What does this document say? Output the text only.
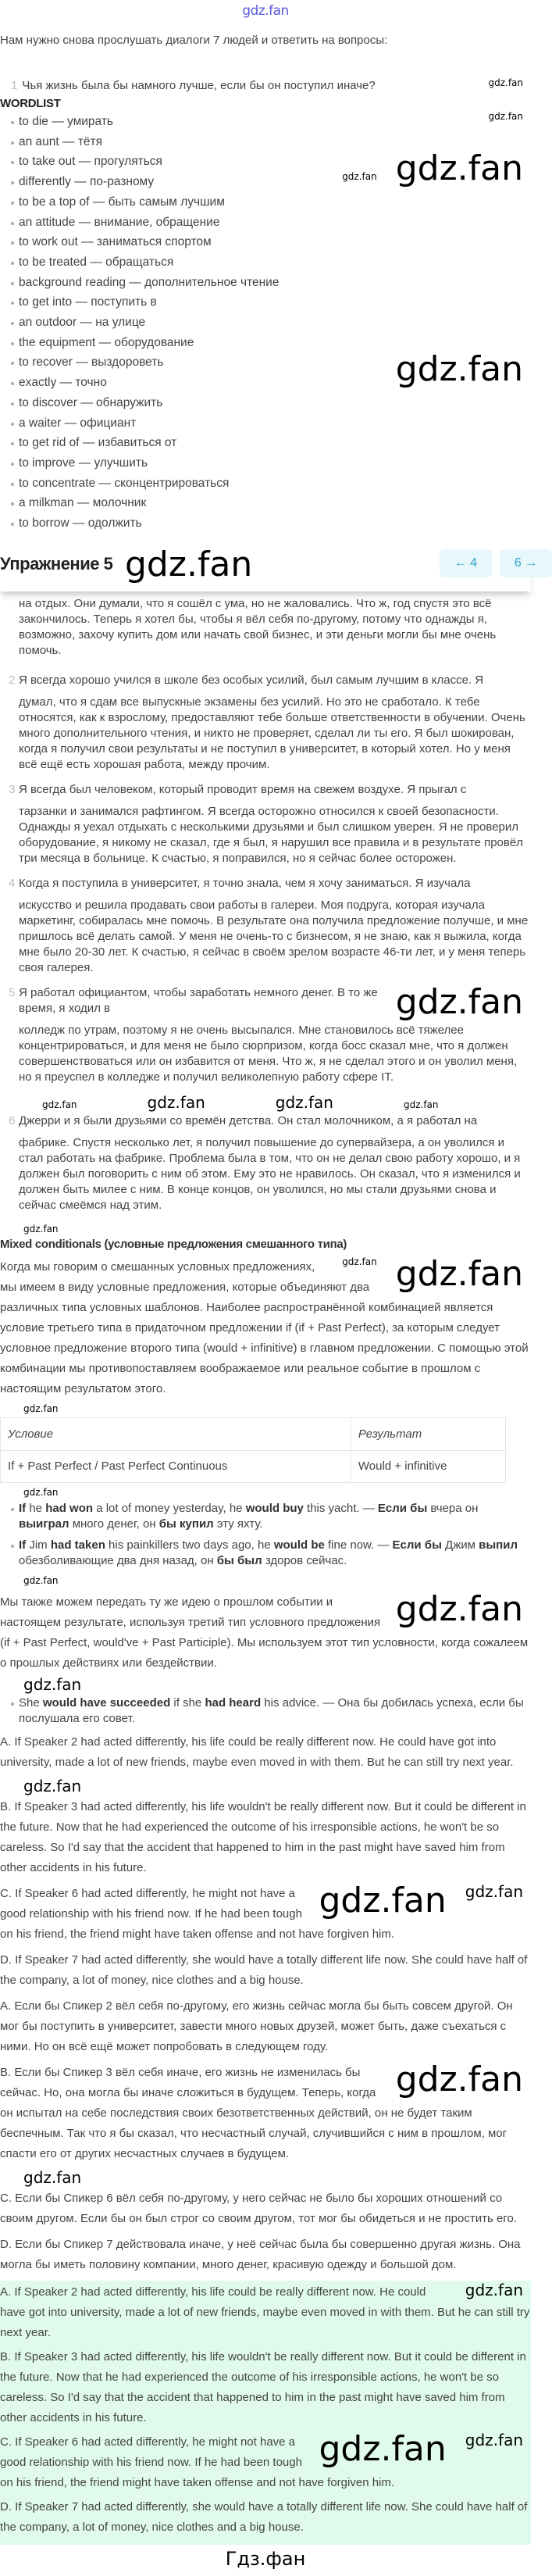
gdz.fan
Нам нужно снова прослушать диалоги 7 людей и ответить на вопросы:
gdz.fan
1 Чья жизнь была бы намного лучше, если бы он поступил иначе?
WORDLIST
gdz.fan
to die — умирать
an aunt — тётя
gdz.fan
to take out — прогуляться
gdz.fan
differently — по-разному
to be a top of — быть самым лучшим
an attitude — внимание, обращение
to work out — заниматься спортом
to be treated — обращаться
background reading — дополнительное чтение
to get into — поступить в
an outdoor — на улице
the equipment — оборудование
gdz.fan
to recover — выздороветь
exactly — точно
to discover — обнаружить
a waiter — официант
to get rid of — избавиться от
to improve — улучшить
to concentrate — сконцентрироваться
a milkman — молочник
to borrow — одолжить
Упражнение 5	← 4	6 →
gdz.fan

на отдых. Они думали, что я сошёл с ума, но не жаловались. Что ж, год спустя это всё закончилось. Теперь я хотел бы, чтобы я вёл себя по-другому, потому что однажды я, возможно, захочу купить дом или начать свой бизнес, и эти деньги могли бы мне очень помочь.

2 Я всегда хорошо учился в школе без особых усилий, был самым лучшим в классе. Я
думал, что я сдам все выпускные экзамены без усилий. Но это не сработало. К тебе относятся, как к взрослому, предоставляют тебе больше ответственности в обучении. Очень много дополнительного чтения, и никто не проверяет, сделал ли ты его. Я был шокирован, когда я получил свои результаты и не поступил в университет, в который хотел. Но у меня всё ещё есть хорошая работа, между прочим.
3 Я всегда был человеком, который проводит время на свежем воздухе. Я прыгал с
тарзанки и занимался рафтингом. Я всегда осторожно относился к своей безопасности. Однажды я уехал отдыхать с несколькими друзьями и был слишком уверен. Я не проверил оборудование, я никому не сказал, где я был, я нарушил все правила и в результате провёл три месяца в больнице. К счастью, я поправился, но я сейчас более осторожен.
4 Когда я поступила в университет, я точно знала, чем я хочу заниматься. Я изучала
искусство и решила продавать свои работы в галереи. Моя подруга, которая изучала маркетинг, собиралась мне помочь. В результате она получила предложение получше, и мне пришлось всё делать самой. У меня не очень-то с бизнесом, я не знаю, как я выжила, когда мне было 20-30 лет. К счастью, я сейчас в своём зрелом возрасте 46-ти лет, и у меня теперь своя галерея.
gdz.fan
5 Я работал официантом, чтобы заработать немного денег. В то же время, я ходил в
колледж по утрам, поэтому я не очень высыпался. Мне становилось всё тяжелее концентрироваться, и для меня не было сюрпризом, когда босс сказал мне, что я должен совершенствоваться или он избавится от меня. Что ж, я не сделал этого и он уволил меня, но я преуспел в колледже и получил великолепную работу сфере IT.
gdz.fan	gdz.fan	gdz.fan	gdz.fan
6 Джерри и я были друзьями со времён детства. Он стал молочником, а я работал на
фабрике. Спустя несколько лет, я получил повышение до супервайзера, а он уволился и стал работать на фабрике. Проблема была в том, что он не делал свою работу хорошо, и я должен был поговорить с ним об этом. Ему это не нравилось. Он сказал, что я изменился и должен быть милее с ним. В конце концов, он уволился, но мы стали друзьями снова и сейчас смеёмся над этим.
gdz.fan
Mixed conditionals (условные предложения смешанного типа)
gdz.fan
gdz.fan
Когда мы говорим о смешанных условных предложениях, мы имеем в виду условные предложения, которые объединяют два различных типа условных шаблонов. Наиболее распространённой комбинацией является условие третьего типа в придаточном предложении if (if + Past Perfect), за которым следует условное предложение второго типа (would + infinitive) в главном предложении. С помощью этой комбинации мы противопоставляем воображаемое или реальное событие в прошлом с настоящим результатом этого.
gdz.fan
Условие	Результат
If + Past Perfect / Past Perfect Continuous	Would + infinitive
gdz.fan
If he had won a lot of money yesterday, he would buy this yacht. — Если бы вчера он выиграл много денег, он бы купил эту яхту.
If Jim had taken his painkillers two days ago, he would be fine now. — Если бы Джим выпил обезболивающие два дня назад, он бы был здоров сейчас.
gdz.fan
gdz.fan
Мы также можем передать ту же идею о прошлом событии и настоящем результате, используя третий тип условного предложения (if + Past Perfect, would've + Past Participle). Мы используем этот тип условности, когда сожалеем о прошлых действиях или бездействии.
gdz.fan
She would have succeeded if she had heard his advice. — Она бы добилась успеха, если бы послушала его совет.

A. If Speaker 2 had acted differently, his life could be really different now. He could have got into university, made a lot of new friends, maybe even moved in with them. But he can still try next year.

gdz.fan

B. If Speaker 3 had acted differently, his life wouldn't be really different now. But it could be different in the future. Now that he had experienced the outcome of his irresponsible actions, he won't be so careless. So I'd say that the accident that happened to him in the past might have saved him from other accidents in his future.

gdz.fan
gdz.fan
C. If Speaker 6 had acted differently, he might not have a good relationship with his friend now. If he had been tough on his friend, the friend might have taken offense and not have forgiven him.

D. If Speaker 7 had acted differently, she would have a totally different life now. She could have half of the company, a lot of money, nice clothes and a big house.

A. Если бы Спикер 2 вёл себя по-другому, его жизнь сейчас могла бы быть совсем другой. Он мог бы поступить в университет, завести много новых друзей, может быть, даже съехаться с ними. Но он всё ещё может попробовать в следующем году.

gdz.fan
B. Если бы Спикер 3 вёл себя иначе, его жизнь не изменилась бы сейчас. Но, она могла бы иначе сложиться в будущем. Теперь, когда он испытал на себе последствия своих безответственных действий, он не будет таким беспечным. Так что я бы сказал, что несчастный случай, случившийся с ним в прошлом, мог спасти его от других несчастных случаев в будущем.

gdz.fan

C. Если бы Спикер 6 вёл себя по-другому, у него сейчас не было бы хороших отношений со своим другом. Если бы он был строг со своим другом, тот мог бы обидеться и не простить его.

D. Если бы Спикер 7 действовала иначе, у неё сейчас была бы совершенно другая жизнь. Она могла бы иметь половину компании, много денег, красивую одежду и большой дом.

gdz.fan
A. If Speaker 2 had acted differently, his life could be really different now. He could have got into university, made a lot of new friends, maybe even moved in with them. But he can still try next year.

B. If Speaker 3 had acted differently, his life wouldn't be really different now. But it could be different in the future. Now that he had experienced the outcome of his irresponsible actions, he won't be so careless. So I'd say that the accident that happened to him in the past might have saved him from other accidents in his future.

gdz.fan
gdz.fan
C. If Speaker 6 had acted differently, he might not have a good relationship with his friend now. If he had been tough on his friend, the friend might have taken offense and not have forgiven him.

D. If Speaker 7 had acted differently, she would have a totally different life now. She could have half of the company, a lot of money, nice clothes and a big house.

Гдз.фан
